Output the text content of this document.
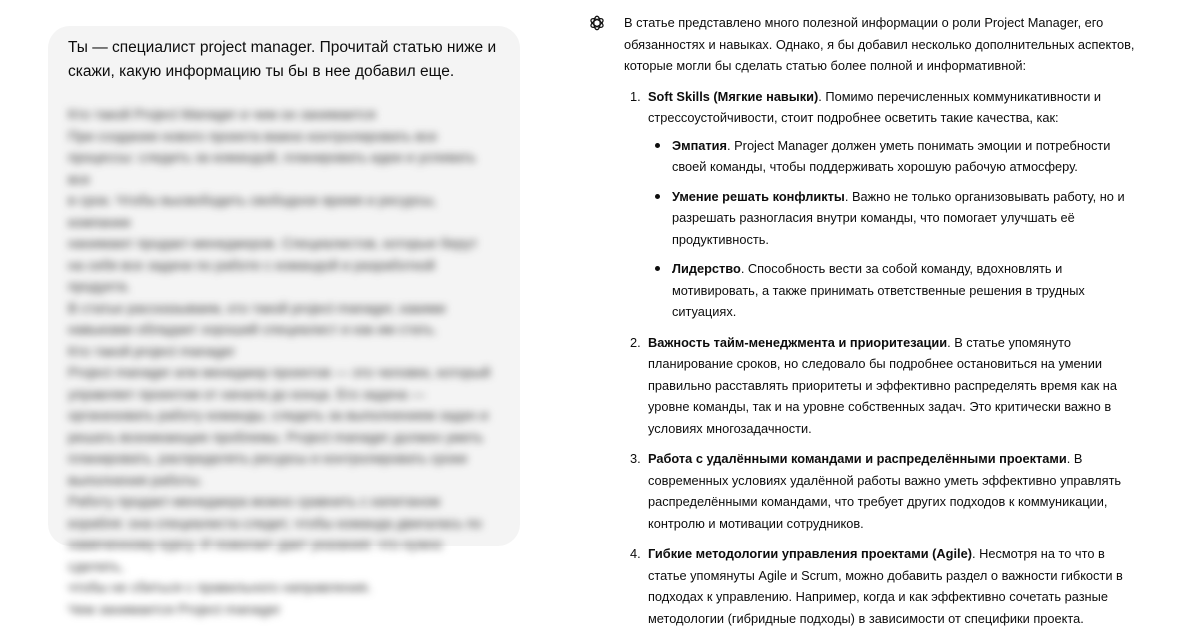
Ты — специалист project manager. Прочитай статью ниже и скажи, какую информацию ты бы в нее добавил еще.

Кто такой Project Manager и чем он занимается

При создании нового проекта важно контролировать все

процессы: следить за командой, планировать идеи и успевать все

в срок. Чтобы высвободить свободное время и ресурсы, компании

нанимают продакт-менеджеров. Специалистов, которые берут

на себя все задачи по работе с командой и разработкой продукта.

В статье рассказываем, кто такой project manager, какими

навыками обладает хороший специалист и как им стать.

Кто такой project manager

Project manager или менеджер проектов — это человек, который

управляет проектом от начала до конца. Его задача —

организовать работу команды, следить за выполнением задач и

решать возникающие проблемы. Project manager должен уметь

планировать, распределять ресурсы и контролировать сроки

выполнения работы.

Работу продакт-менеджера можно сравнить с капитаном

корабля: она специалиста следит, чтобы команда двигалась по

намеченному курсу. И помогает дает указания: что нужно сделать,

чтобы не сбиться с правильного направления.

Чем занимается Project manager

В статье представлено много полезной информации о роли Project Manager, его обязанностях и навыках. Однако, я бы добавил несколько дополнительных аспектов, которые могли бы сделать статью более полной и информативной:

1. Soft Skills (Мягкие навыки). Помимо перечисленных коммуникативности и стрессоустойчивости, стоит подробнее осветить такие качества, как:
Эмпатия. Project Manager должен уметь понимать эмоции и потребности своей команды, чтобы поддерживать хорошую рабочую атмосферу.
Умение решать конфликты. Важно не только организовывать работу, но и разрешать разногласия внутри команды, что помогает улучшать её продуктивность.
Лидерство. Способность вести за собой команду, вдохновлять и мотивировать, а также принимать ответственные решения в трудных ситуациях.
2. Важность тайм-менеджмента и приоритезации. В статье упомянуто планирование сроков, но следовало бы подробнее остановиться на умении правильно расставлять приоритеты и эффективно распределять время как на уровне команды, так и на уровне собственных задач. Это критически важно в условиях многозадачности.
3. Работа с удалёнными командами и распределёнными проектами. В современных условиях удалённой работы важно уметь эффективно управлять распределёнными командами, что требует других подходов к коммуникации, контролю и мотивации сотрудников.
4. Гибкие методологии управления проектами (Agile). Несмотря на то что в статье упомянуты Agile и Scrum, можно добавить раздел о важности гибкости в подходах к управлению. Например, когда и как эффективно сочетать разные методологии (гибридные подходы) в зависимости от специфики проекта.
